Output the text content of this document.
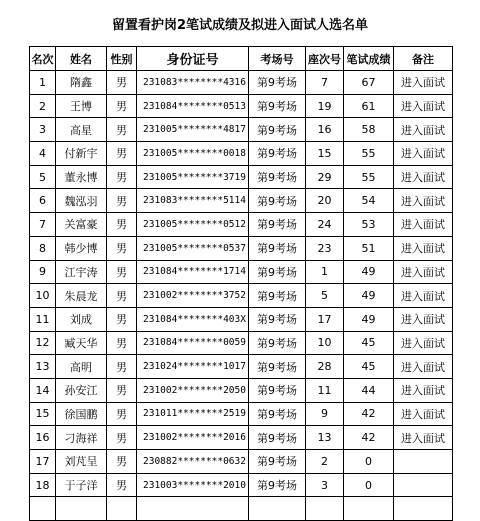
留置看护岗2笔试成绩及拟进入面试人选名单
名次	姓名	性别	身份证号	考场号	座次号	笔试成绩	备注
1	隋鑫	男	231083********4316	第9考场	7	67	进入面试
2	王博	男	231084********0513	第9考场	19	61	进入面试
3	高星	男	231005********4817	第9考场	16	58	进入面试
4	付新宇	男	231005********0018	第9考场	15	55	进入面试
5	董永博	男	231005********3719	第9考场	29	55	进入面试
6	魏泓羽	男	231083********5114	第9考场	20	54	进入面试
7	关富豪	男	231005********0512	第9考场	24	53	进入面试
8	韩少博	男	231005********0537	第9考场	23	51	进入面试
9	江宇涛	男	231084********1714	第9考场	1	49	进入面试
10	朱晨龙	男	231002********3752	第9考场	5	49	进入面试
11	刘成	男	231084********403X	第9考场	17	49	进入面试
12	臧天华	男	231084********0059	第9考场	10	45	进入面试
13	高明	男	231024********1017	第9考场	28	45	进入面试
14	孙安江	男	231002********2050	第9考场	11	44	进入面试
15	徐国鹏	男	231011********2519	第9考场	9	42	进入面试
16	刁海祥	男	231002********2016	第9考场	13	42	进入面试
17	刘芃呈	男	230882********0632	第9考场	2	0	
18	于子洋	男	231003********2010	第9考场	3	0	
